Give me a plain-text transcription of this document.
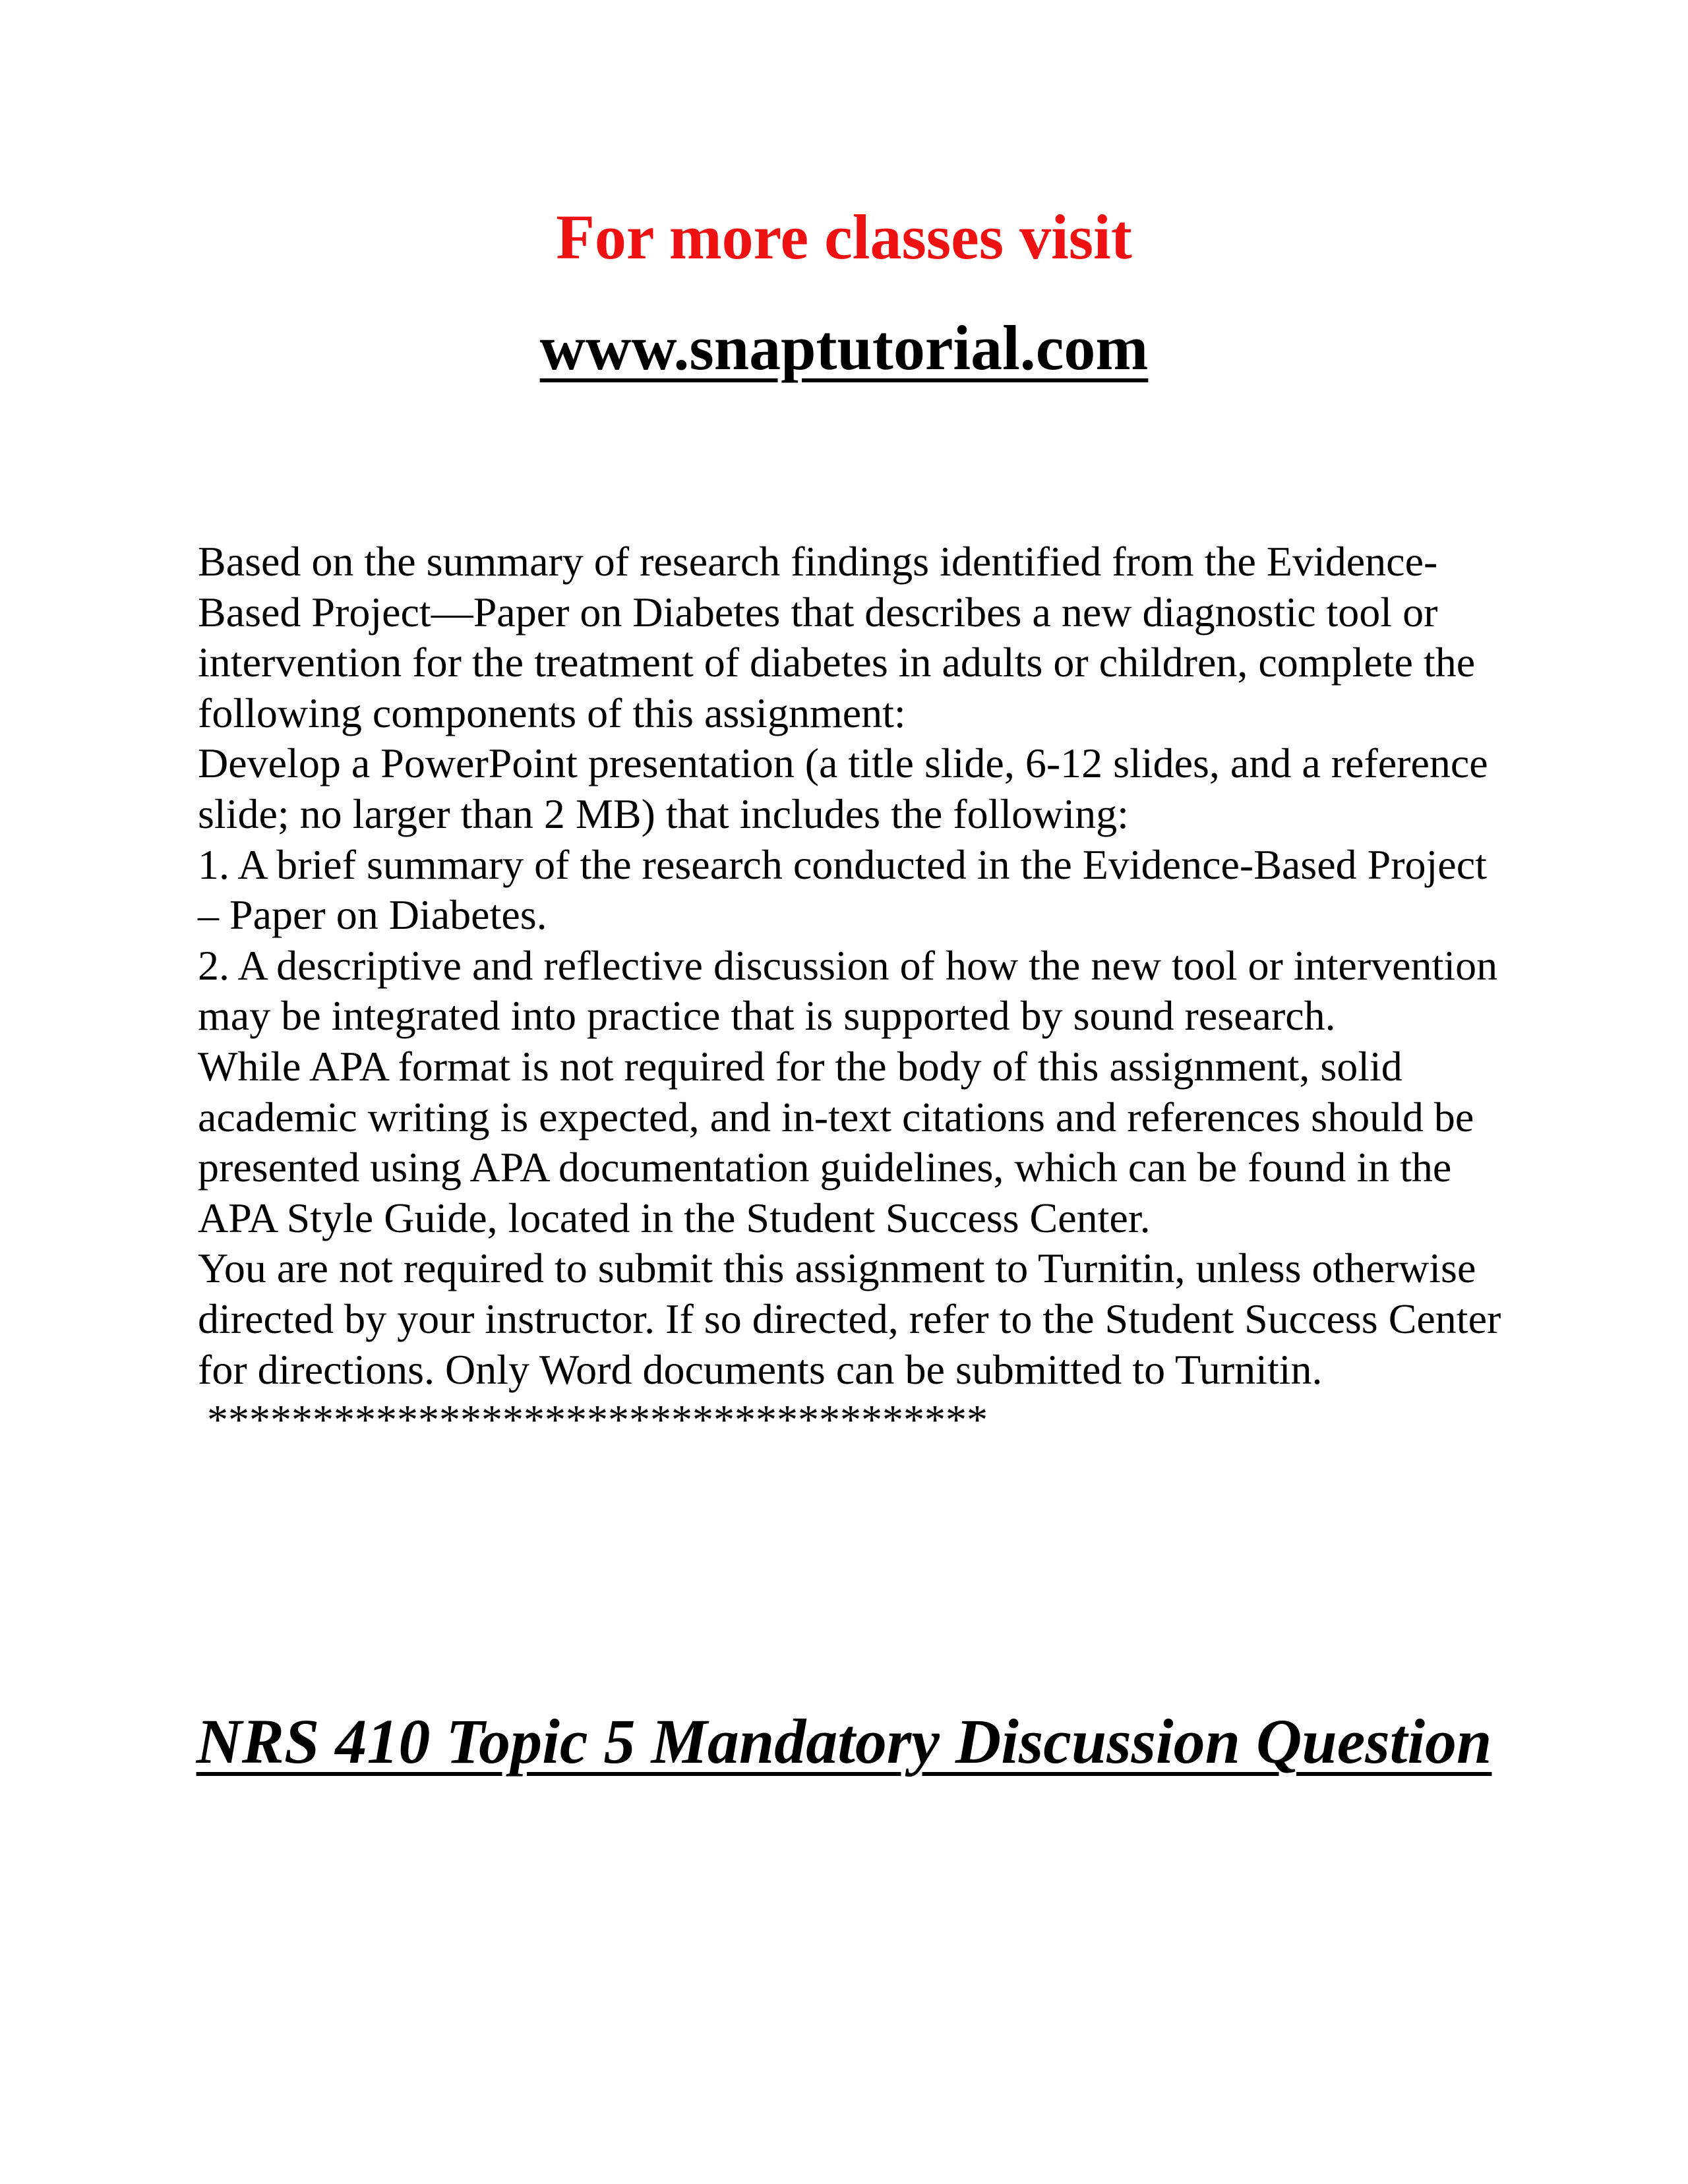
For more classes visit
www.snaptutorial.com

Based on the summary of research findings identified from the Evidence-Based Project—Paper on Diabetes that describes a new diagnostic tool or intervention for the treatment of diabetes in adults or children, complete the following components of this assignment:

Develop a PowerPoint presentation (a title slide, 6-12 slides, and a reference slide; no larger than 2 MB) that includes the following:

1. A brief summary of the research conducted in the Evidence-Based Project – Paper on Diabetes.

2. A descriptive and reflective discussion of how the new tool or intervention may be integrated into practice that is supported by sound research.

While APA format is not required for the body of this assignment, solid academic writing is expected, and in-text citations and references should be presented using APA documentation guidelines, which can be found in the APA Style Guide, located in the Student Success Center.

You are not required to submit this assignment to Turnitin, unless otherwise directed by your instructor. If so directed, refer to the Student Success Center for directions. Only Word documents can be submitted to Turnitin.

*************************************

NRS 410 Topic 5 Mandatory Discussion Question
